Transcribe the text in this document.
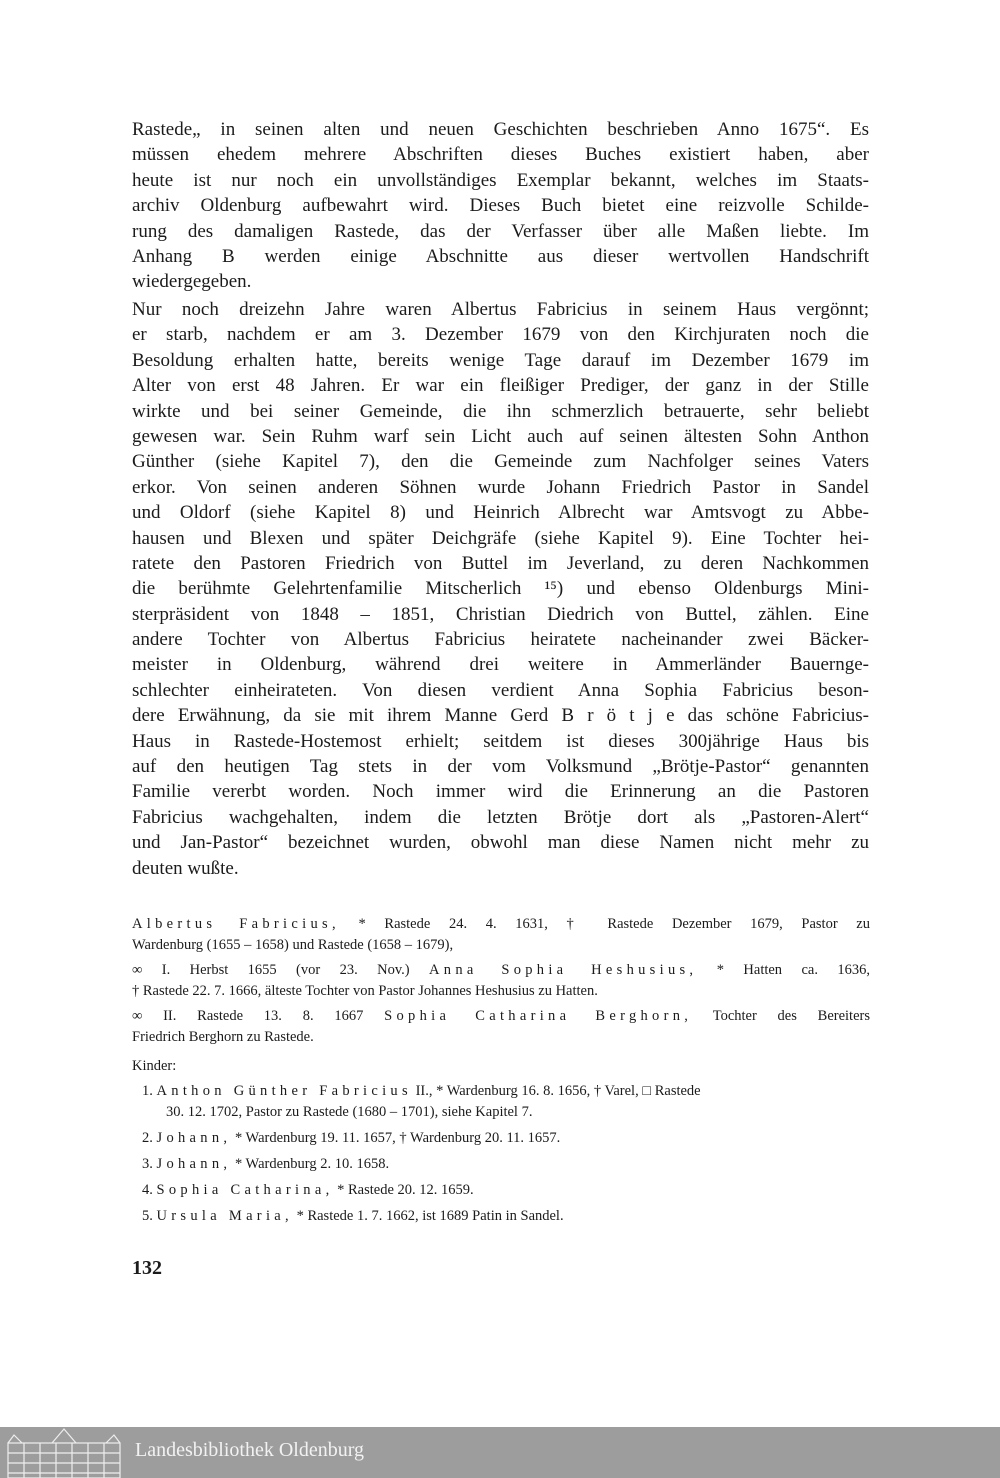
Rastede„ in seinen alten und neuen Geschichten beschrieben Anno 1675“. Es
müssen ehedem mehrere Abschriften dieses Buches existiert haben, aber
heute ist nur noch ein unvollständiges Exemplar bekannt, welches im Staats-
archiv Oldenburg aufbewahrt wird. Dieses Buch bietet eine reizvolle Schilde-
rung des damaligen Rastede, das der Verfasser über alle Maßen liebte. Im
Anhang B werden einige Abschnitte aus dieser wertvollen Handschrift
wiedergegeben.
Nur noch dreizehn Jahre waren Albertus Fabricius in seinem Haus vergönnt;
er starb, nachdem er am 3. Dezember 1679 von den Kirchjuraten noch die
Besoldung erhalten hatte, bereits wenige Tage darauf im Dezember 1679 im
Alter von erst 48 Jahren. Er war ein fleißiger Prediger, der ganz in der Stille
wirkte und bei seiner Gemeinde, die ihn schmerzlich betrauerte, sehr beliebt
gewesen war. Sein Ruhm warf sein Licht auch auf seinen ältesten Sohn Anthon
Günther (siehe Kapitel 7), den die Gemeinde zum Nachfolger seines Vaters
erkor. Von seinen anderen Söhnen wurde Johann Friedrich Pastor in Sandel
und Oldorf (siehe Kapitel 8) und Heinrich Albrecht war Amtsvogt zu Abbe-
hausen und Blexen und später Deichgräfe (siehe Kapitel 9). Eine Tochter hei-
ratete den Pastoren Friedrich von Buttel im Jeverland, zu deren Nachkommen
die berühmte Gelehrtenfamilie Mitscherlich ¹⁵) und ebenso Oldenburgs Mini-
sterpräsident von 1848 – 1851, Christian Diedrich von Buttel, zählen. Eine
andere Tochter von Albertus Fabricius heiratete nacheinander zwei Bäcker-
meister in Oldenburg, während drei weitere in Ammerländer Bauernge-
schlechter einheirateten. Von diesen verdient Anna Sophia Fabricius beson-
dere Erwähnung, da sie mit ihrem Manne Gerd B r ö t j e das schöne Fabricius-
Haus in Rastede-Hostemost erhielt; seitdem ist dieses 300jährige Haus bis
auf den heutigen Tag stets in der vom Volksmund „Brötje-Pastor“ genannten
Familie vererbt worden. Noch immer wird die Erinnerung an die Pastoren
Fabricius wachgehalten, indem die letzten Brötje dort als „Pastoren-Alert“
und Jan-Pastor“ bezeichnet wurden, obwohl man diese Namen nicht mehr zu
deuten wußte.
Albertus Fabricius, * Rastede 24. 4. 1631, † Rastede Dezember 1679, Pastor zu
Wardenburg (1655 – 1658) und Rastede (1658 – 1679),
∞ I. Herbst 1655 (vor 23. Nov.) Anna Sophia Heshusius, * Hatten ca. 1636,
† Rastede 22. 7. 1666, älteste Tochter von Pastor Johannes Heshusius zu Hatten.
∞ II. Rastede 13. 8. 1667 Sophia Catharina Berghorn, Tochter des Bereiters
Friedrich Berghorn zu Rastede.
Kinder:
1. Anthon Günther Fabricius II., * Wardenburg 16. 8. 1656, † Varel, □ Rastede
30. 12. 1702, Pastor zu Rastede (1680 – 1701), siehe Kapitel 7.
2. Johann, * Wardenburg 19. 11. 1657, † Wardenburg 20. 11. 1657.
3. Johann, * Wardenburg 2. 10. 1658.
4. Sophia Catharina, * Rastede 20. 12. 1659.
5. Ursula Maria, * Rastede 1. 7. 1662, ist 1689 Patin in Sandel.
132
Landesbibliothek Oldenburg
